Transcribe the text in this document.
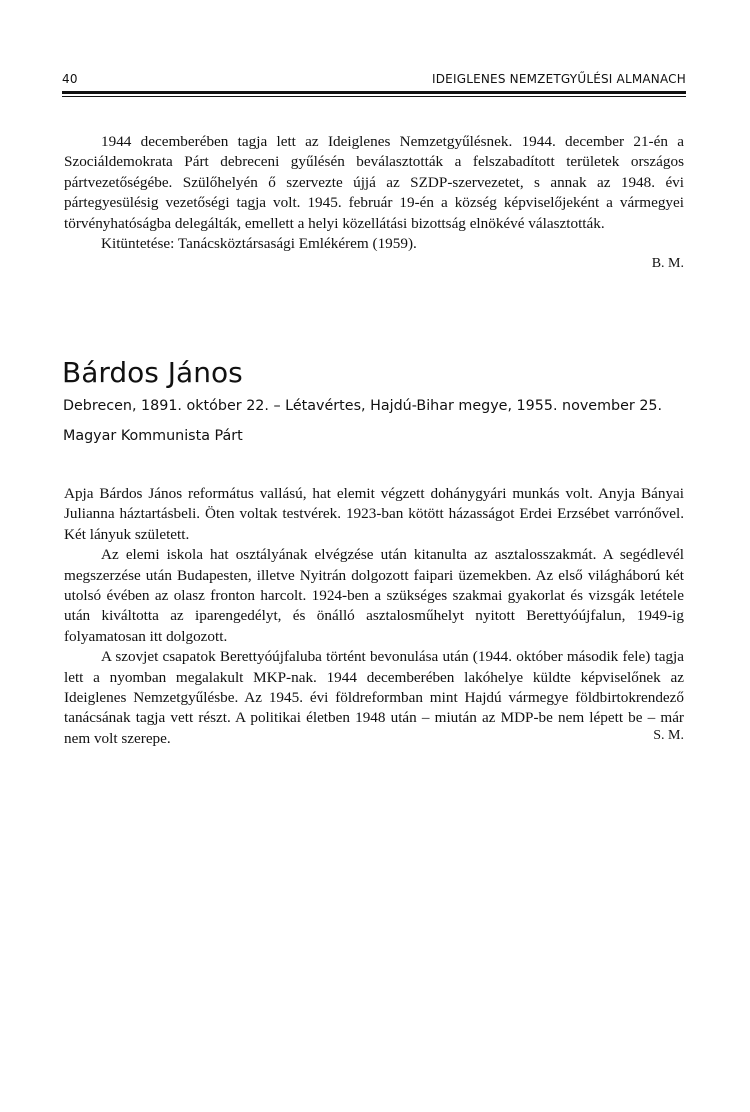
40	IDEIGLENES NEMZETGYŰLÉSI ALMANACH

1944 decemberében tagja lett az Ideiglenes Nemzetgyűlésnek. 1944. december 21-én a Szociáldemokrata Párt debreceni gyűlésén beválasztották a felszabadított területek országos pártvezetőségébe. Szülőhelyén ő szervezte újjá az SZDP-szervezetet, s annak az 1948. évi pártegyesülésig vezetőségi tagja volt. 1945. február 19-én a község képviselőjeként a vármegyei törvényhatóságba delegálták, emellett a helyi közellátási bizottság elnökévé választották.

Kitüntetése: Tanácsköztársasági Emlékérem (1959).

B. M.
Bárdos János
Debrecen, 1891. október 22. – Létavértes, Hajdú-Bihar megye, 1955. november 25.
Magyar Kommunista Párt

Apja Bárdos János református vallású, hat elemit végzett dohánygyári munkás volt. Anyja Bányai Julianna háztartásbeli. Öten voltak testvérek. 1923-ban kötött házasságot Erdei Erzsébet varrónővel. Két lányuk született.

Az elemi iskola hat osztályának elvégzése után kitanulta az asztalosszakmát. A segédlevél megszerzése után Budapesten, illetve Nyitrán dolgozott faipari üzemekben. Az első világháború két utolsó évében az olasz fronton harcolt. 1924-ben a szükséges szakmai gyakorlat és vizsgák letétele után kiváltotta az iparengedélyt, és önálló asztalosműhelyt nyitott Berettyóújfalun, 1949-ig folyamatosan itt dolgozott.

A szovjet csapatok Berettyóújfaluba történt bevonulása után (1944. október második fele) tagja lett a nyomban megalakult MKP-nak. 1944 decemberében lakóhelye küldte képviselőnek az Ideiglenes Nemzetgyűlésbe. Az 1945. évi földreformban mint Hajdú vármegye földbirtokrendező tanácsának tagja vett részt. A politikai életben 1948 után – miután az MDP-be nem lépett be – már nem volt szerepe.	S. M.
